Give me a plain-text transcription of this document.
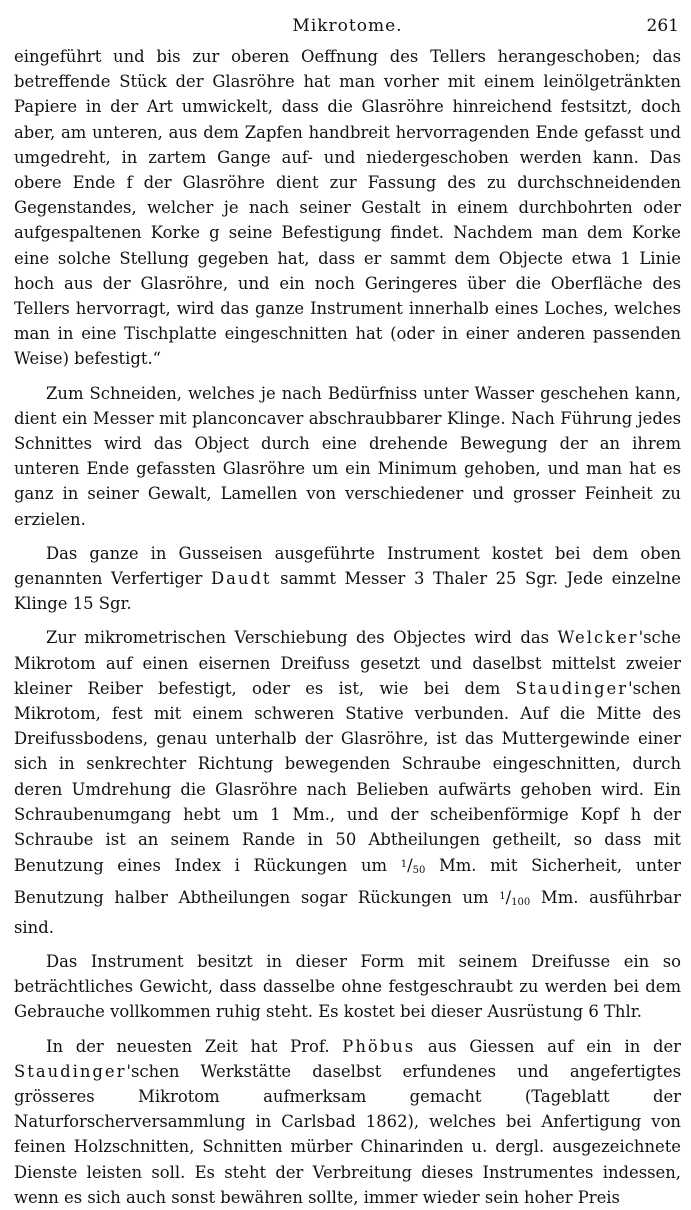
Mikrotome.	261

eingeführt und bis zur oberen Oeffnung des Tellers herangeschoben; das betreffende Stück der Glasröhre hat man vorher mit einem leinölgetränkten Papiere in der Art umwickelt, dass die Glasröhre hinreichend festsitzt, doch aber, am unteren, aus dem Zapfen handbreit hervorragenden Ende gefasst und umgedreht, in zartem Gange auf- und niedergeschoben werden kann. Das obere Ende f der Glasröhre dient zur Fassung des zu durchschneidenden Gegenstandes, welcher je nach seiner Gestalt in einem durchbohrten oder aufgespaltenen Korke g seine Befestigung findet. Nachdem man dem Korke eine solche Stellung gegeben hat, dass er sammt dem Objecte etwa 1 Linie hoch aus der Glasröhre, und ein noch Geringeres über die Oberfläche des Tellers hervorragt, wird das ganze Instrument innerhalb eines Loches, welches man in eine Tischplatte eingeschnitten hat (oder in einer anderen passenden Weise) befestigt.“

Zum Schneiden, welches je nach Bedürfniss unter Wasser geschehen kann, dient ein Messer mit planconcaver abschraubbarer Klinge. Nach Führung jedes Schnittes wird das Object durch eine drehende Bewegung der an ihrem unteren Ende gefassten Glasröhre um ein Minimum gehoben, und man hat es ganz in seiner Gewalt, Lamellen von verschiedener und grosser Feinheit zu erzielen.

Das ganze in Gusseisen ausgeführte Instrument kostet bei dem oben genannten Verfertiger Daudt sammt Messer 3 Thaler 25 Sgr. Jede einzelne Klinge 15 Sgr.

Zur mikrometrischen Verschiebung des Objectes wird das Welcker'sche Mikrotom auf einen eisernen Dreifuss gesetzt und daselbst mittelst zweier kleiner Reiber befestigt, oder es ist, wie bei dem Staudinger'schen Mikrotom, fest mit einem schweren Stative verbunden. Auf die Mitte des Dreifussbodens, genau unterhalb der Glasröhre, ist das Muttergewinde einer sich in senkrechter Richtung bewegenden Schraube eingeschnitten, durch deren Umdrehung die Glasröhre nach Belieben aufwärts gehoben wird. Ein Schraubenumgang hebt um 1 Mm., und der scheibenförmige Kopf h der Schraube ist an seinem Rande in 50 Abtheilungen getheilt, so dass mit Benutzung eines Index i Rückungen um $^1/_{50}$ Mm. mit Sicherheit, unter Benutzung halber Abtheilungen sogar Rückungen um $^1/_{100}$ Mm. ausführbar sind.

Das Instrument besitzt in dieser Form mit seinem Dreifusse ein so beträchtliches Gewicht, dass dasselbe ohne festgeschraubt zu werden bei dem Gebrauche vollkommen ruhig steht. Es kostet bei dieser Ausrüstung 6 Thlr.

In der neuesten Zeit hat Prof. Phöbus aus Giessen auf ein in der Staudinger'schen Werkstätte daselbst erfundenes und angefertigtes grösseres Mikrotom aufmerksam gemacht (Tageblatt der Naturforscherversammlung in Carlsbad 1862), welches bei Anfertigung von feinen Holzschnitten, Schnitten mürber Chinarinden u. dergl. ausgezeichnete Dienste leisten soll. Es steht der Verbreitung dieses Instrumentes indessen, wenn es sich auch sonst bewähren sollte, immer wieder sein hoher Preis
